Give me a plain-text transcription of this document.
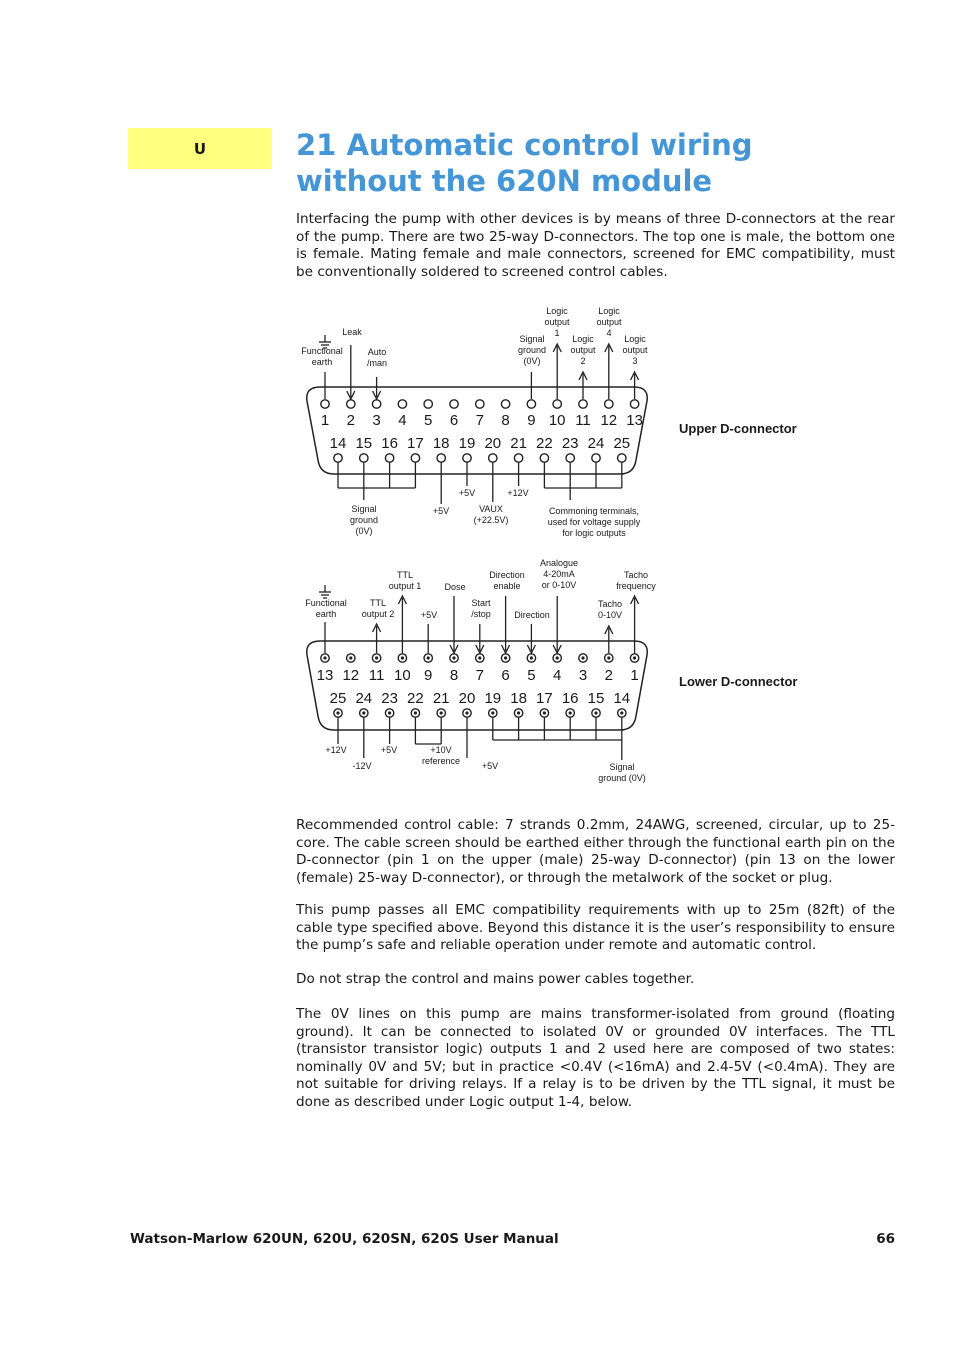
U	21 Automatic control wiring
without the 620N module

Interfacing the pump with other devices is by means of three D-connectors at the rear of the pump. There are two 25-way D-connectors. The top one is male, the bottom one is female. Mating female and male connectors, screened for EMC compatibility, must be conventionally soldered to screened control cables.

1 2 3 4 5 6 7 8 9 10 11 12 13
14 15 16 17 18 19 20 21 22 23 24 25
Upper D-connector
Functional
earth
Leak
Auto
/man
Signal
ground
(0V)
Logic
output
1
Logic
output
2
Logic
output
4
Logic
output
3
Signal
ground
(0V)
+5V
+5V
VAUX
(+22.5V)
+12V
Commoning terminals,
used for voltage supply
for logic outputs
13 12 11 10 9 8 7 6 5 4 3 2 1
25 24 23 22 21 20 19 18 17 16 15 14
Lower D-connector
Functional
earth
TTL
output 2
TTL
output 1
+5V
Dose
Start
/stop
Direction
enable
Direction
Analogue
4-20mA
or 0-10V
Tacho
0-10V
Tacho
frequency
+12V
-12V
+5V	+10V
reference +5V	Signal
ground (0V)

Recommended control cable: 7 strands 0.2mm, 24AWG, screened, circular, up to 25-core. The cable screen should be earthed either through the functional earth pin on the D-connector (pin 1 on the upper (male) 25-way D-connector) (pin 13 on the lower (female) 25-way D-connector), or through the metalwork of the socket or plug.

This pump passes all EMC compatibility requirements with up to 25m (82ft) of the cable type specified above. Beyond this distance it is the user’s responsibility to ensure the pump’s safe and reliable operation under remote and automatic control.

Do not strap the control and mains power cables together.

The 0V lines on this pump are mains transformer-isolated from ground (floating ground). It can be connected to isolated 0V or grounded 0V interfaces. The TTL (transistor transistor logic) outputs 1 and 2 used here are composed of two states: nominally 0V and 5V; but in practice <0.4V (<16mA) and 2.4-5V (<0.4mA). They are not suitable for driving relays. If a relay is to be driven by the TTL signal, it must be done as described under Logic output 1-4, below.

Watson-Marlow 620UN, 620U, 620SN, 620S User Manual	66
